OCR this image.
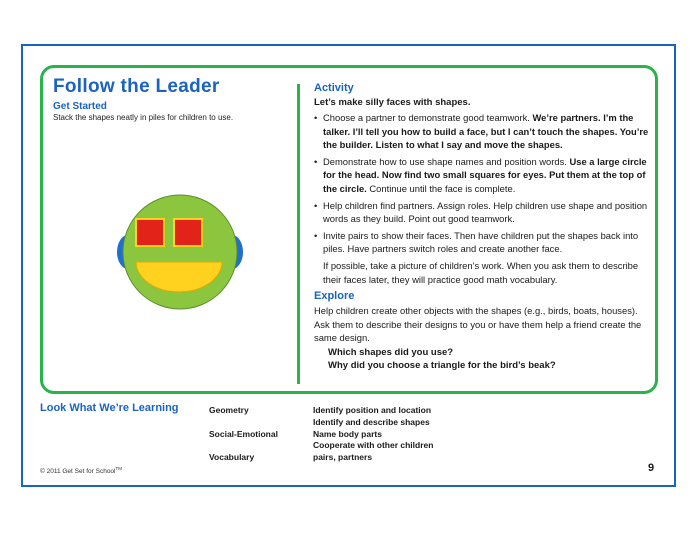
Follow the Leader
Get Started
Stack the shapes neatly in piles for children to use.
Activity

Let’s make silly faces with shapes.

• Choose a partner to demonstrate good teamwork. We’re partners. I’m the talker. I’ll tell you how to build a face, but I can’t touch the shapes. You’re the builder. Listen to what I say and move the shapes.
• Demonstrate how to use shape names and position words. Use a large circle for the head. Now find two small squares for eyes. Put them at the top of the circle. Continue until the face is complete.
• Help children find partners. Assign roles. Help children use shape and position words as they build. Point out good teamwork.
• Invite pairs to show their faces. Then have children put the shapes back into piles. Have partners switch roles and create another face.

If possible, take a picture of children’s work. When you ask them to describe their faces later, they will practice good math vocabulary.

Explore

Help children create other objects with the shapes (e.g., birds, boats, houses). Ask them to describe their designs to you or have them help a friend create the same design.

Which shapes did you use?
Why did you choose a triangle for the bird’s beak?
Look What We’re Learning	Geometry
Social-Emotional
Vocabulary
Identify position and location
Identify and describe shapes
Name body parts
Cooperate with other children
pairs, partners
© 2011 Get Set for School™	9
